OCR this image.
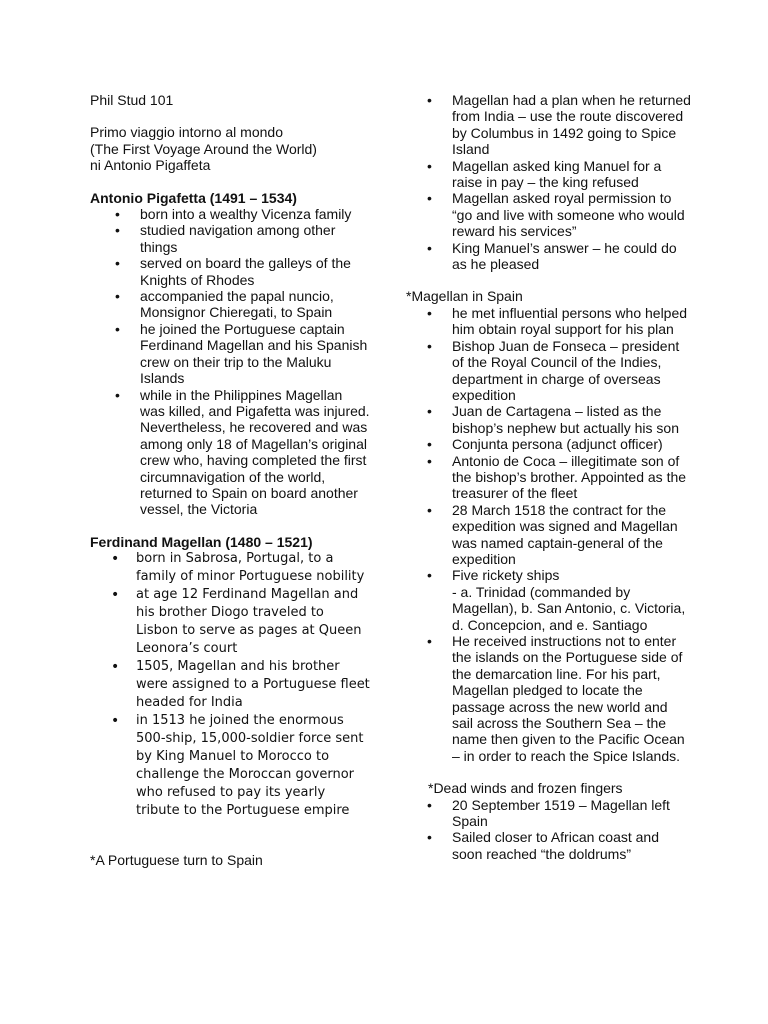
Phil Stud 101

Primo viaggio intorno al mondo

(The First Voyage Around the World)

ni Antonio Pigaffeta

Antonio Pigafetta (1491 – 1534)

• born into a wealthy Vicenza family
• studied navigation among other things
• served on board the galleys of the Knights of Rhodes
• accompanied the papal nuncio, Monsignor Chieregati, to Spain
• he joined the Portuguese captain Ferdinand Magellan and his Spanish crew on their trip to the Maluku Islands
• while in the Philippines Magellan was killed, and Pigafetta was injured. Nevertheless, he recovered and was among only 18 of Magellan’s original crew who, having completed the first circumnavigation of the world, returned to Spain on board another vessel, the Victoria

Ferdinand Magellan (1480 – 1521)

• born in Sabrosa, Portugal, to a family of minor Portuguese nobility
• at age 12 Ferdinand Magellan and his brother Diogo traveled to Lisbon to serve as pages at Queen Leonora’s court
• 1505, Magellan and his brother were assigned to a Portuguese fleet headed for India
• in 1513 he joined the enormous 500-ship, 15,000-soldier force sent by King Manuel to Morocco to challenge the Moroccan governor who refused to pay its yearly tribute to the Portuguese empire

*A Portuguese turn to Spain

• Magellan had a plan when he returned from India – use the route discovered by Columbus in 1492 going to Spice Island
• Magellan asked king Manuel for a raise in pay – the king refused
• Magellan asked royal permission to “go and live with someone who would reward his services”
• King Manuel’s answer – he could do as he pleased

*Magellan in Spain

• he met influential persons who helped him obtain royal support for his plan
• Bishop Juan de Fonseca – president of the Royal Council of the Indies, department in charge of overseas expedition
• Juan de Cartagena – listed as the bishop’s nephew but actually his son
• Conjunta persona (adjunct officer)
• Antonio de Coca – illegitimate son of the bishop’s brother. Appointed as the treasurer of the fleet
• 28 March 1518 the contract for the expedition was signed and Magellan was named captain-general of the expedition
• Five rickety ships
- a. Trinidad (commanded by Magellan), b. San Antonio, c. Victoria, d. Concepcion, and e. Santiago
• He received instructions not to enter the islands on the Portuguese side of the demarcation line. For his part, Magellan pledged to locate the passage across the new world and sail across the Southern Sea – the name then given to the Pacific Ocean – in order to reach the Spice Islands.

*Dead winds and frozen fingers

• 20 September 1519 – Magellan left Spain
• Sailed closer to African coast and soon reached “the doldrums”
